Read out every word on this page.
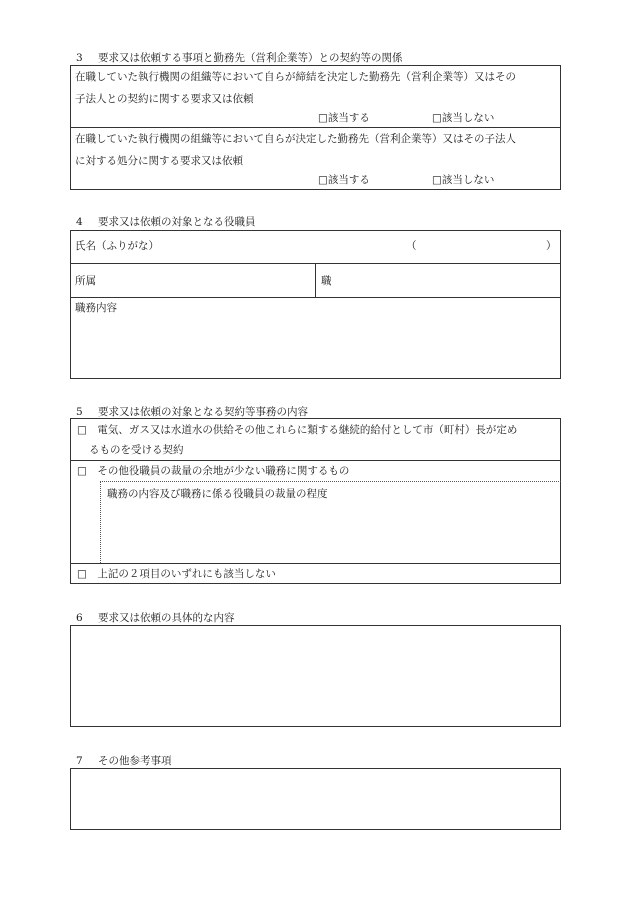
3 要求又は依頼する事項と勤務先（営利企業等）との契約等の関係
在職していた執行機関の組織等において自らが締結を決定した勤務先（営利企業等）又はその
子法人との契約に関する要求又は依頼
□該当する	□該当しない
在職していた執行機関の組織等において自らが決定した勤務先（営利企業等）又はその子法人
に対する処分に関する要求又は依頼
□該当する	□該当しない
4 要求又は依頼の対象となる役職員
氏名（ふりがな）	（	）
所属	職
職務内容
5 要求又は依頼の対象となる契約等事務の内容
□　電気、ガス又は水道水の供給その他これらに類する継続的給付として市（町村）長が定め
るものを受ける契約
□　その他役職員の裁量の余地が少ない職務に関するもの
職務の内容及び職務に係る役職員の裁量の程度
□　上記の２項目のいずれにも該当しない
6 要求又は依頼の具体的な内容
7 その他参考事項
